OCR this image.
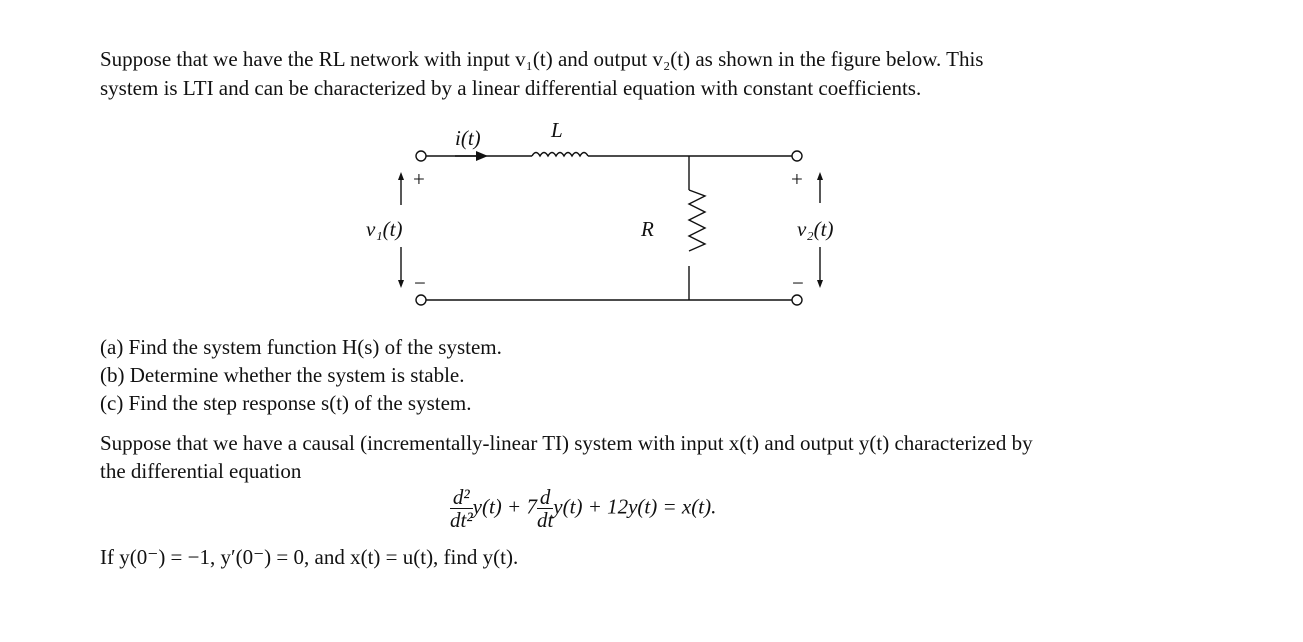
Suppose that we have the RL network with input v₁(t) and output v₂(t) as shown in the figure below. This
system is LTI and can be characterized by a linear differential equation with constant coefficients.
i(t)	L
R
v₁(t)	v₂(t)
+
−
+
−
(a) Find the system function H(s) of the system.
(b) Determine whether the system is stable.
(c) Find the step response s(t) of the system.
Suppose that we have a causal (incrementally-linear TI) system with input x(t) and output y(t) characterized by
the differential equation
$\frac{\text{d²}}{\text{dt²}} y(t) + 7 \frac{d}{dt} y(t) + 12y(t) = x(t)$.
If y(0⁻) = −1, y′(0⁻) = 0, and x(t) = u(t), find y(t).
